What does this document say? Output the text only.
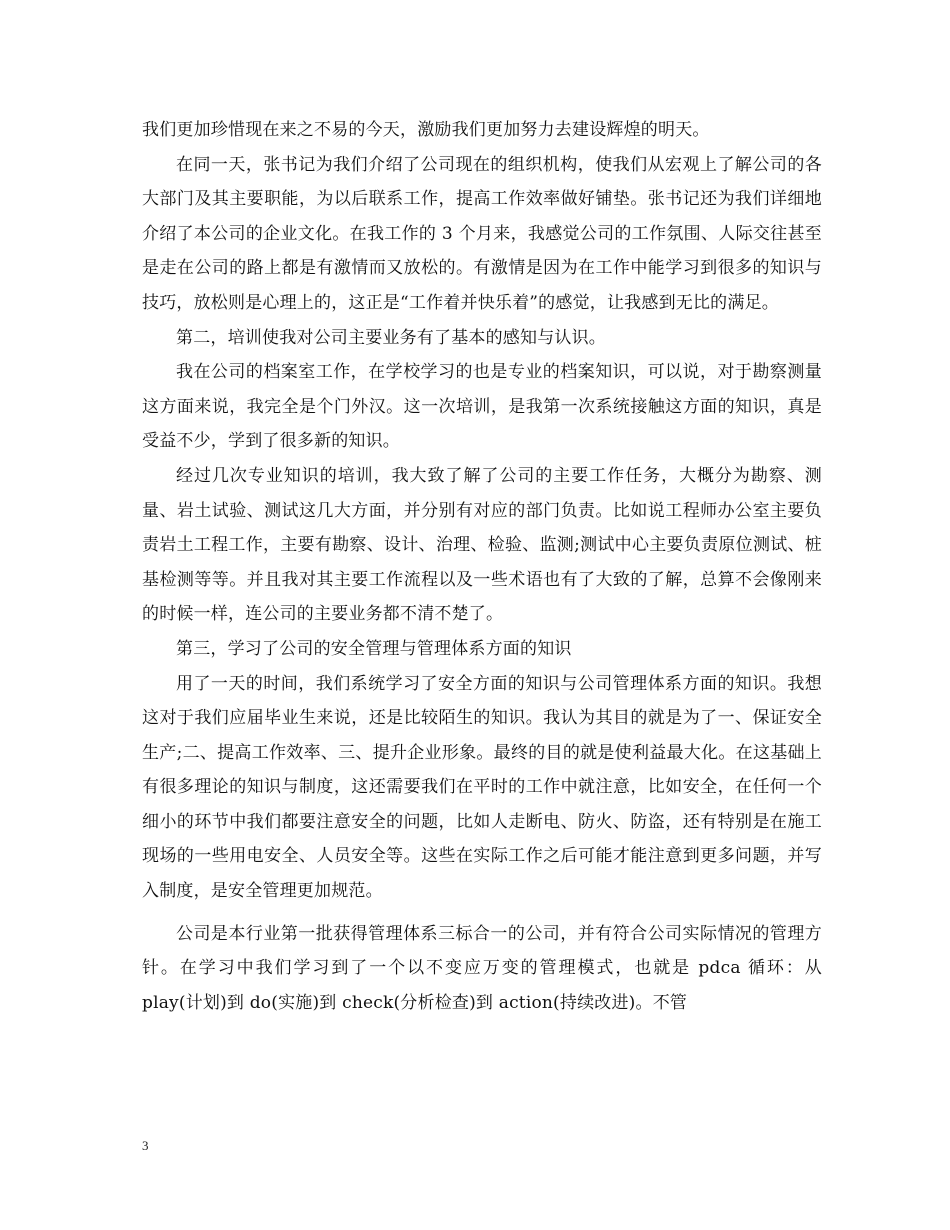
我们更加珍惜现在来之不易的今天，激励我们更加努力去建设辉煌的明天。

在同一天，张书记为我们介绍了公司现在的组织机构，使我们从宏观上了解公司的各大部门及其主要职能，为以后联系工作，提高工作效率做好铺垫。张书记还为我们详细地介绍了本公司的企业文化。在我工作的 3 个月来，我感觉公司的工作氛围、人际交往甚至是走在公司的路上都是有激情而又放松的。有激情是因为在工作中能学习到很多的知识与技巧，放松则是心理上的，这正是“工作着并快乐着”的感觉，让我感到无比的满足。

第二，培训使我对公司主要业务有了基本的感知与认识。

我在公司的档案室工作，在学校学习的也是专业的档案知识，可以说，对于勘察测量这方面来说，我完全是个门外汉。这一次培训，是我第一次系统接触这方面的知识，真是受益不少，学到了很多新的知识。

经过几次专业知识的培训，我大致了解了公司的主要工作任务，大概分为勘察、测量、岩土试验、测试这几大方面，并分别有对应的部门负责。比如说工程师办公室主要负责岩土工程工作，主要有勘察、设计、治理、检验、监测;测试中心主要负责原位测试、桩基检测等等。并且我对其主要工作流程以及一些术语也有了大致的了解，总算不会像刚来的时候一样，连公司的主要业务都不清不楚了。

第三，学习了公司的安全管理与管理体系方面的知识

用了一天的时间，我们系统学习了安全方面的知识与公司管理体系方面的知识。我想这对于我们应届毕业生来说，还是比较陌生的知识。我认为其目的就是为了一、保证安全生产;二、提高工作效率、三、提升企业形象。最终的目的就是使利益最大化。在这基础上有很多理论的知识与制度，这还需要我们在平时的工作中就注意，比如安全，在任何一个细小的环节中我们都要注意安全的问题，比如人走断电、防火、防盗，还有特别是在施工现场的一些用电安全、人员安全等。这些在实际工作之后可能才能注意到更多问题，并写入制度，是安全管理更加规范。

公司是本行业第一批获得管理体系三标合一的公司，并有符合公司实际情况的管理方针。在学习中我们学习到了一个以不变应万变的管理模式，也就是 pdca 循环：从 play(计划)到 do(实施)到 check(分析检查)到 action(持续改进)。不管

3
